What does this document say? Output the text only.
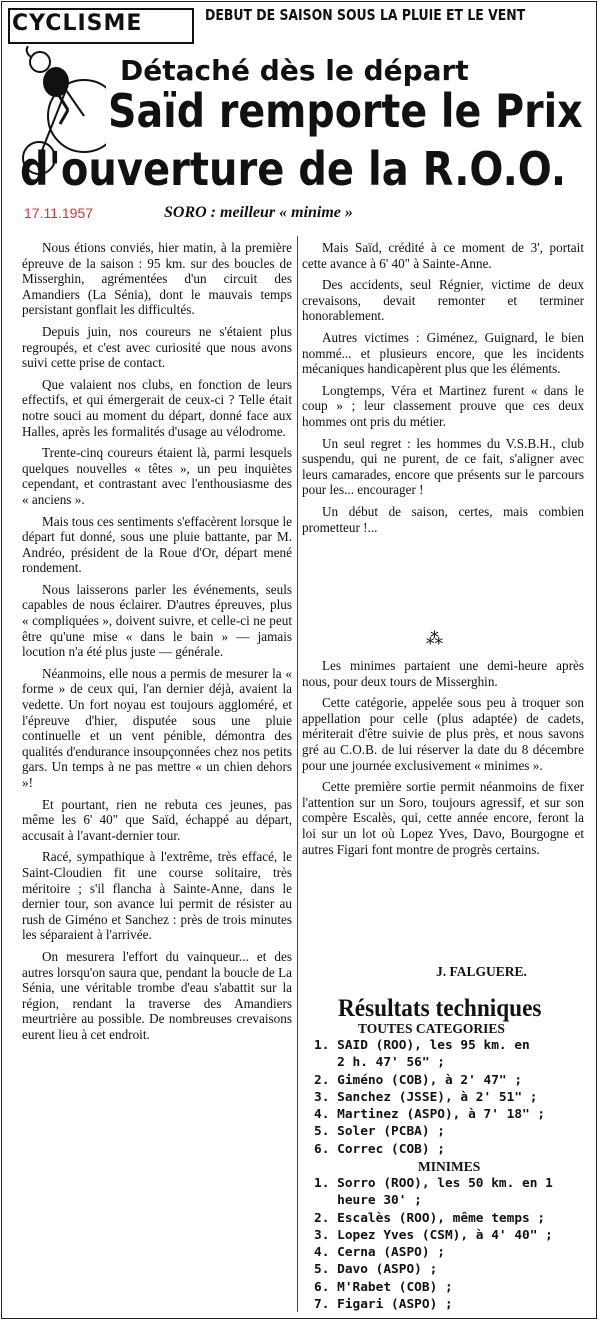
CYCLISME	DEBUT DE SAISON SOUS LA PLUIE ET LE VENT
Détaché dès le départ
Saïd remporte le Prix
d'ouverture de la R.O.O.
17.11.1957	SORO : meilleur « minime »

Nous étions conviés, hier matin, à la première épreuve de la saison : 95 km. sur des boucles de Misserghin, agrémentées d'un circuit des Amandiers (La Sénia), dont le mauvais temps persistant gonflait les difficultés.

Depuis juin, nos coureurs ne s'étaient plus regroupés, et c'est avec curiosité que nous avons suivi cette prise de contact.

Que valaient nos clubs, en fonction de leurs effectifs, et qui émergerait de ceux-ci ? Telle était notre souci au moment du départ, donné face aux Halles, après les formalités d'usage au vélodrome.

Trente-cinq coureurs étaient là, parmi lesquels quelques nouvelles « têtes », un peu inquiètes cependant, et contrastant avec l'enthousiasme des « anciens ».

Mais tous ces sentiments s'effacèrent lorsque le départ fut donné, sous une pluie battante, par M. Andréo, président de la Roue d'Or, départ mené rondement.

Nous laisserons parler les événements, seuls capables de nous éclairer. D'autres épreuves, plus « compliquées », doivent suivre, et celle-ci ne peut être qu'une mise « dans le bain » — jamais locution n'a été plus juste — générale.

Néanmoins, elle nous a permis de mesurer la « forme » de ceux qui, l'an dernier déjà, avaient la vedette. Un fort noyau est toujours aggloméré, et l'épreuve d'hier, disputée sous une pluie continuelle et un vent pénible, démontra des qualités d'endurance insoupçonnées chez nos petits gars. Un temps à ne pas mettre « un chien dehors »!

Et pourtant, rien ne rebuta ces jeunes, pas même les 6' 40" que Saïd, échappé au départ, accusait à l'avant-dernier tour.

Racé, sympathique à l'extrême, très effacé, le Saint-Cloudien fit une course solitaire, très méritoire ; s'il flancha à Sainte-Anne, dans le dernier tour, son avance lui permit de résister au rush de Giméno et Sanchez : près de trois minutes les séparaient à l'arrivée.

On mesurera l'effort du vainqueur... et des autres lorsqu'on saura que, pendant la boucle de La Sénia, une véritable trombe d'eau s'abattit sur la région, rendant la traverse des Amandiers meurtrière au possible. De nombreuses crevaisons eurent lieu à cet endroit.

Mais Saïd, crédité à ce moment de 3', portait cette avance à 6' 40" à Sainte-Anne.

Des accidents, seul Régnier, victime de deux crevaisons, devait remonter et terminer honorablement.

Autres victimes : Giménez, Guignard, le bien nommé... et plusieurs encore, que les incidents mécaniques handicapèrent plus que les éléments.

Longtemps, Véra et Martinez furent « dans le coup » ; leur classement prouve que ces deux hommes ont pris du métier.

Un seul regret : les hommes du V.S.B.H., club suspendu, qui ne purent, de ce fait, s'aligner avec leurs camarades, encore que présents sur le parcours pour les... encourager !

Un début de saison, certes, mais combien prometteur !...

⁂

Les minimes partaient une demi-heure après nous, pour deux tours de Misserghin.

Cette catégorie, appelée sous peu à troquer son appellation pour celle (plus adaptée) de cadets, mériterait d'être suivie de plus près, et nous savons gré au C.O.B. de lui réserver la date du 8 décembre pour une journée exclusivement « minimes ».

Cette première sortie permit néanmoins de fixer l'attention sur un Soro, toujours agressif, et sur son compère Escalès, qui, cette année encore, feront la loi sur un lot où Lopez Yves, Davo, Bourgogne et autres Figari font montre de progrès certains.

J. FALGUERE.
Résultats techniques
TOUTES CATEGORIES
1. SAID (ROO), les 95 km. en
2 h. 47' 56" ;
2. Giméno (COB), à 2' 47" ;
3. Sanchez (JSSE), à 2' 51" ;
4. Martinez (ASPO), à 7' 18" ;
5. Soler (PCBA) ;
6. Correc (COB) ;
MINIMES
1. Sorro (ROO), les 50 km. en 1
heure 30' ;
2. Escalès (ROO), même temps ;
3. Lopez Yves (CSM), à 4' 40" ;
4. Cerna (ASPO) ;
5. Davo (ASPO) ;
6. M'Rabet (COB) ;
7. Figari (ASPO) ;
